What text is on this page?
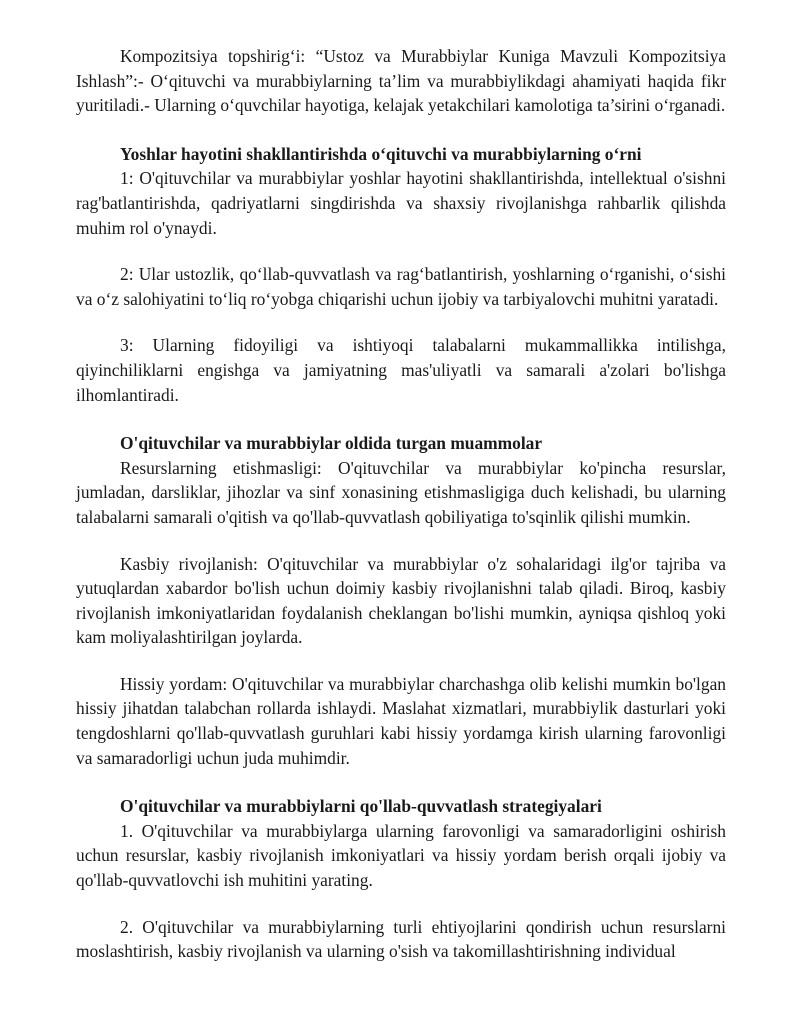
Kompozitsiya topshirig‘i: “Ustoz va Murabbiylar Kuniga Mavzuli Kompozitsiya Ishlash”:- O‘qituvchi va murabbiylarning ta’lim va murabbiylikdagi ahamiyati haqida fikr yuritiladi.- Ularning o‘quvchilar hayotiga, kelajak yetakchilari kamolotiga ta’sirini o‘rganadi.

Yoshlar hayotini shakllantirishda o‘qituvchi va murabbiylarning o‘rni

1: O'qituvchilar va murabbiylar yoshlar hayotini shakllantirishda, intellektual o'sishni rag'batlantirishda, qadriyatlarni singdirishda va shaxsiy rivojlanishga rahbarlik qilishda muhim rol o'ynaydi.

2: Ular ustozlik, qo‘llab-quvvatlash va rag‘batlantirish, yoshlarning o‘rganishi, o‘sishi va o‘z salohiyatini to‘liq ro‘yobga chiqarishi uchun ijobiy va tarbiyalovchi muhitni yaratadi.

3: Ularning fidoyiligi va ishtiyoqi talabalarni mukammallikka intilishga, qiyinchiliklarni engishga va jamiyatning mas'uliyatli va samarali a'zolari bo'lishga ilhomlantiradi.

O'qituvchilar va murabbiylar oldida turgan muammolar

Resurslarning etishmasligi: O'qituvchilar va murabbiylar ko'pincha resurslar, jumladan, darsliklar, jihozlar va sinf xonasining etishmasligiga duch kelishadi, bu ularning talabalarni samarali o'qitish va qo'llab-quvvatlash qobiliyatiga to'sqinlik qilishi mumkin.

Kasbiy rivojlanish: O'qituvchilar va murabbiylar o'z sohalaridagi ilg'or tajriba va yutuqlardan xabardor bo'lish uchun doimiy kasbiy rivojlanishni talab qiladi. Biroq, kasbiy rivojlanish imkoniyatlaridan foydalanish cheklangan bo'lishi mumkin, ayniqsa qishloq yoki kam moliyalashtirilgan joylarda.

Hissiy yordam: O'qituvchilar va murabbiylar charchashga olib kelishi mumkin bo'lgan hissiy jihatdan talabchan rollarda ishlaydi. Maslahat xizmatlari, murabbiylik dasturlari yoki tengdoshlarni qo'llab-quvvatlash guruhlari kabi hissiy yordamga kirish ularning farovonligi va samaradorligi uchun juda muhimdir.

O'qituvchilar va murabbiylarni qo'llab-quvvatlash strategiyalari

1. O'qituvchilar va murabbiylarga ularning farovonligi va samaradorligini oshirish uchun resurslar, kasbiy rivojlanish imkoniyatlari va hissiy yordam berish orqali ijobiy va qo'llab-quvvatlovchi ish muhitini yarating.

2. O'qituvchilar va murabbiylarning turli ehtiyojlarini qondirish uchun resurslarni moslashtirish, kasbiy rivojlanish va ularning o'sish va takomillashtirishning individual
